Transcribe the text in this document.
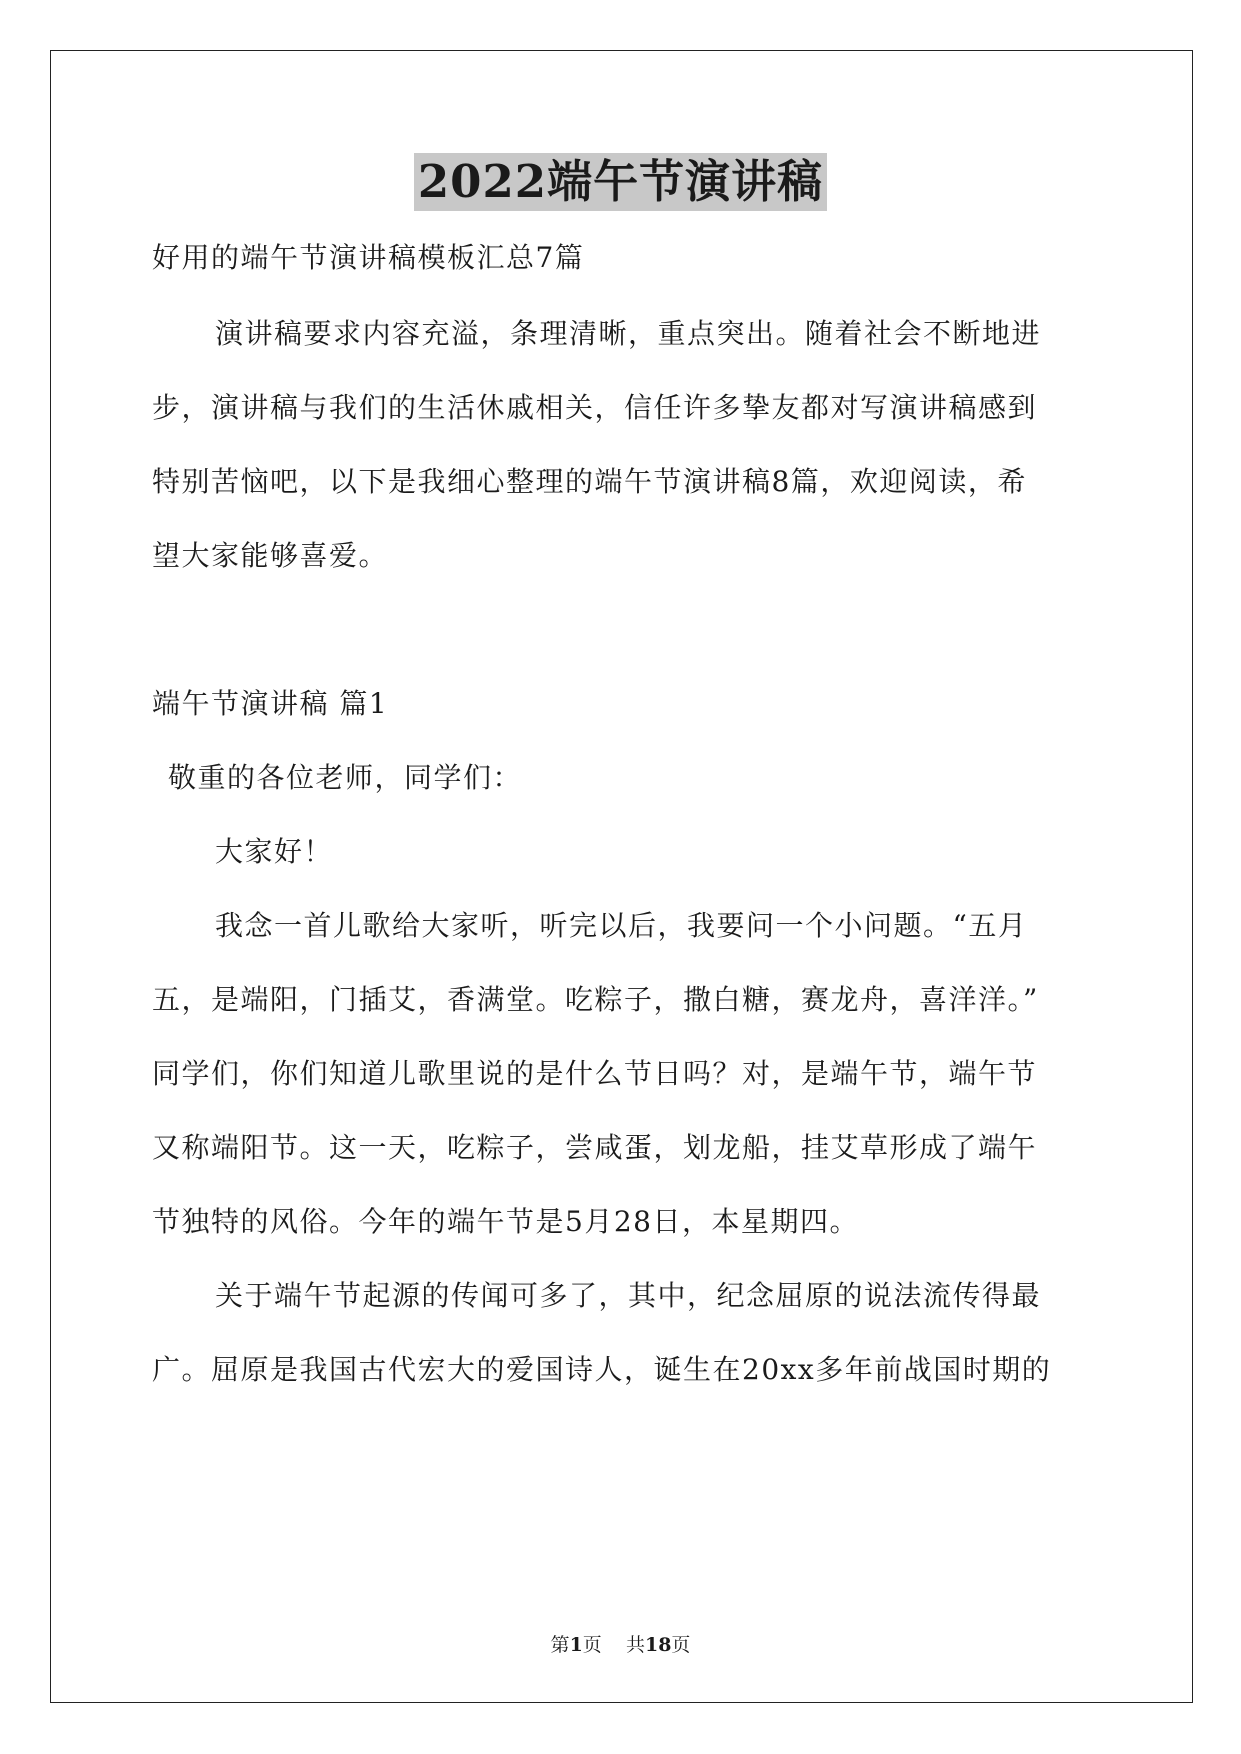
2022端午节演讲稿
好用的端午节演讲稿模板汇总7篇
演讲稿要求内容充溢，条理清晰，重点突出。随着社会不断地进
步，演讲稿与我们的生活休戚相关，信任许多挚友都对写演讲稿感到
特别苦恼吧，以下是我细心整理的端午节演讲稿8篇，欢迎阅读，希
望大家能够喜爱。
端午节演讲稿 篇1
敬重的各位老师，同学们：
大家好！
我念一首儿歌给大家听，听完以后，我要问一个小问题。“五月
五，是端阳，门插艾，香满堂。吃粽子，撒白糖，赛龙舟，喜洋洋。”
同学们，你们知道儿歌里说的是什么节日吗？对，是端午节，端午节
又称端阳节。这一天，吃粽子，尝咸蛋，划龙船，挂艾草形成了端午
节独特的风俗。今年的端午节是5月28日，本星期四。
关于端午节起源的传闻可多了，其中，纪念屈原的说法流传得最
广。屈原是我国古代宏大的爱国诗人，诞生在20xx多年前战国时期的
第1页    共18页
